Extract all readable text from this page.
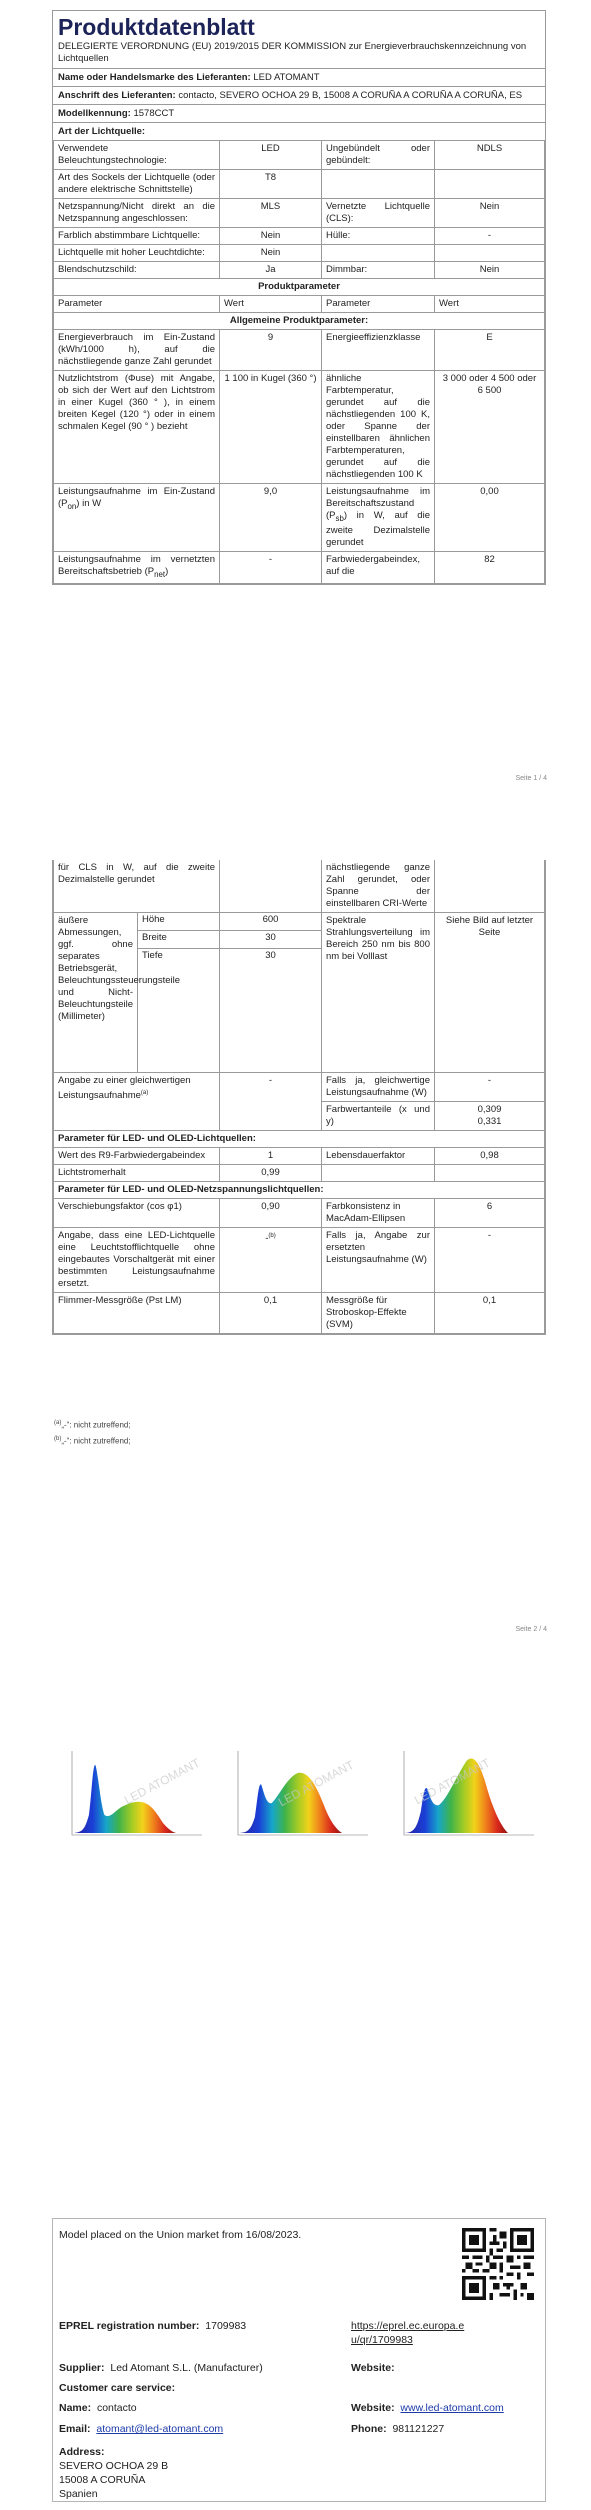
Produktdatenblatt
DELEGIERTE VERORDNUNG (EU) 2019/2015 DER KOMMISSION zur Energieverbrauchskennzeichnung von Lichtquellen
Name oder Handelsmarke des Lieferanten: LED ATOMANT
Anschrift des Lieferanten: contacto, SEVERO OCHOA 29 B, 15008 A CORUÑA A CORUÑA A CORUÑA, ES
Modellkennung: 1578CCT
Art der Lichtquelle:
Verwendete Beleuchtungstechnologie:	LED	Ungebündelt oder gebündelt:	NDLS
Art des Sockels der Lichtquelle (oder andere elektrische Schnittstelle)	T8		
Netzspannung/Nicht direkt an die Netzspannung angeschlossen:	MLS	Vernetzte Lichtquelle (CLS):	Nein
Farblich abstimmbare Lichtquelle:	Nein	Hülle:	-
Lichtquelle mit hoher Leuchtdichte:	Nein		
Blendschutzschild:	Ja	Dimmbar:	Nein
Produktparameter			
Parameter	Wert	Parameter	Wert
Allgemeine Produktparameter:			
Energieverbrauch im Ein-Zustand (kWh/1000 h), auf die nächstliegende ganze Zahl gerundet	9	Energieeffizienzklasse	E
Nutzlichtstrom (Φuse) mit Angabe, ob sich der Wert auf den Lichtstrom in einer Kugel (360 ° ), in einem breiten Kegel (120 °) oder in einem schmalen Kegel (90 ° ) bezieht	1 100 in Kugel (360 °)	ähnliche Farbtemperatur, gerundet auf die nächstliegenden 100 K, oder Spanne der einstellbaren ähnlichen Farbtemperaturen, gerundet auf die nächstliegenden 100 K	3 000 oder 4 500 oder 6 500
Leistungsaufnahme im Ein-Zustand $(P_{on})$ in W	9,0	Leistungsaufnahme im Bereitschaftszustand $(P_{sb})$ in W, auf die zweite Dezimalstelle gerundet	0,00
Leistungsaufnahme im vernetzten Bereitschaftsbetrieb $(P_{net})$	-	Farbwiedergabeindex, auf die	82
Seite 1 / 4
für CLS in W, auf die zweite Dezimalstelle gerundet			nächstliegende ganze Zahl gerundet, oder Spanne der einstellbaren CRI-Werte	
äußere Abmessungen, ggf. ohne separates Betriebsgerät, Beleuchtungssteuerungsteile und Nicht-Beleuchtungsteile (Millimeter)	Höhe	600	Spektrale Strahlungsverteilung im Bereich 250 nm bis 800 nm bei Volllast	Siehe Bild auf letzter Seite
	Breite	30		
	Tiefe	30		
Angabe zu einer gleichwertigen Leistungsaufnahme$^{(a)}$		-	Falls ja, gleichwertige Leistungsaufnahme (W)	-
			Farbwertanteile (x und y)	0,309 0,331
Parameter für LED- und OLED-Lichtquellen:				
Wert des R9-Farbwiedergabeindex		1	Lebensdauerfaktor	0,98
Lichtstromerhalt		0,99		
Parameter für LED- und OLED-Netzspannungslichtquellen:				
Verschiebungsfaktor (cos φ1)		0,90	Farbkonsistenz in MacAdam-Ellipsen	6
Angabe, dass eine LED-Lichtquelle eine Leuchtstofflichtquelle ohne eingebautes Vorschaltgerät mit einer bestimmten Leistungsaufnahme ersetzt.		-$^{(b)}$	Falls ja, Angabe zur ersetzten Leistungsaufnahme (W)	-
Flimmer-Messgröße (Pst LM)		0,1	Messgröße für Stroboskop-Effekte (SVM)	0,1
$^{(a)}$„-“: nicht zutreffend;
$^{(b)}$„-“: nicht zutreffend;
Seite 2 / 4
LED ATOMANT	LED ATOMANT	LED ATOMANT
Model placed on the Union market from 16/08/2023.
EPREL registration number: 1709983	https://eprel.ec.europa.eu/qr/1709983
Supplier: Led Atomant S.L. (Manufacturer)	Website:
Customer care service:
Name: contacto	Website: www.led-atomant.com
Email: atomant@led-atomant.com	Phone: 981121227
Address:
SEVERO OCHOA 29 B
15008 A CORUÑA
Spanien
